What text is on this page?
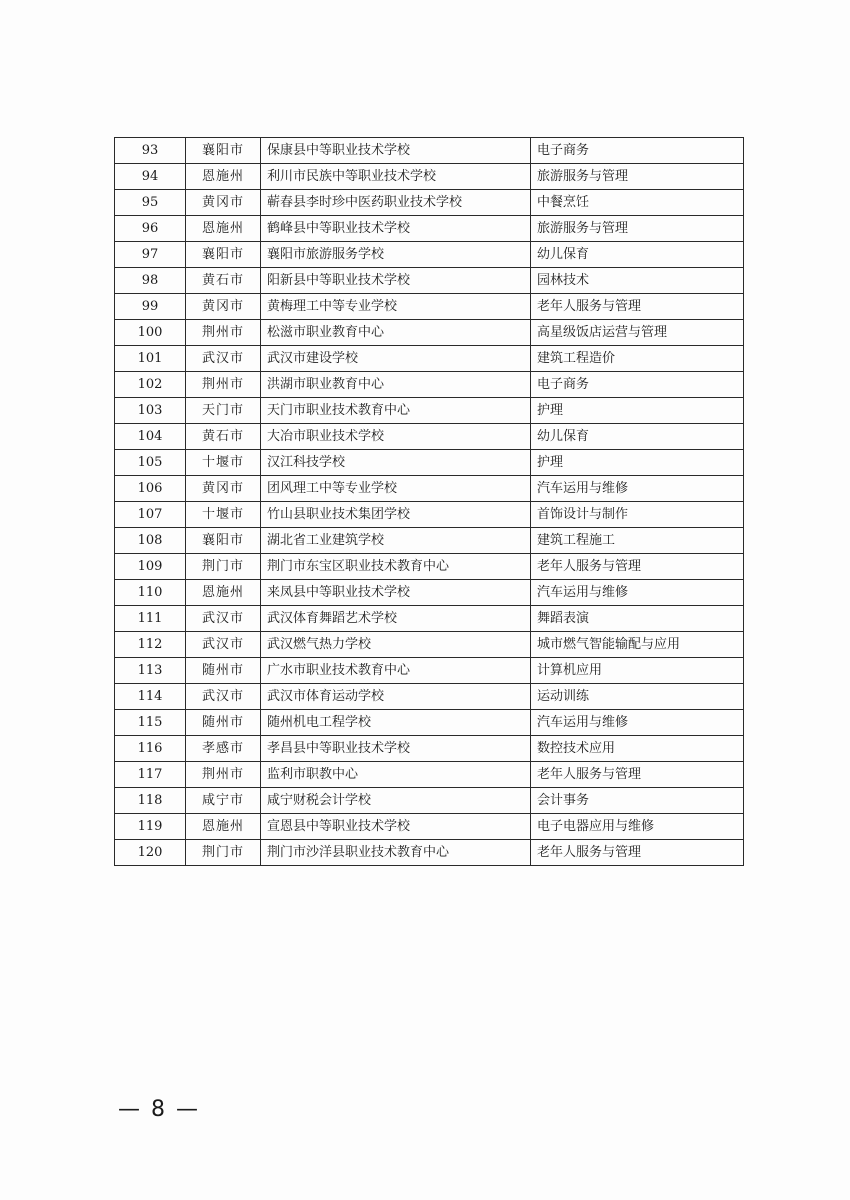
93	襄阳市	保康县中等职业技术学校	电子商务
94	恩施州	利川市民族中等职业技术学校	旅游服务与管理
95	黄冈市	蕲春县李时珍中医药职业技术学校	中餐烹饪
96	恩施州	鹤峰县中等职业技术学校	旅游服务与管理
97	襄阳市	襄阳市旅游服务学校	幼儿保育
98	黄石市	阳新县中等职业技术学校	园林技术
99	黄冈市	黄梅理工中等专业学校	老年人服务与管理
100	荆州市	松滋市职业教育中心	高星级饭店运营与管理
101	武汉市	武汉市建设学校	建筑工程造价
102	荆州市	洪湖市职业教育中心	电子商务
103	天门市	天门市职业技术教育中心	护理
104	黄石市	大冶市职业技术学校	幼儿保育
105	十堰市	汉江科技学校	护理
106	黄冈市	团风理工中等专业学校	汽车运用与维修
107	十堰市	竹山县职业技术集团学校	首饰设计与制作
108	襄阳市	湖北省工业建筑学校	建筑工程施工
109	荆门市	荆门市东宝区职业技术教育中心	老年人服务与管理
110	恩施州	来凤县中等职业技术学校	汽车运用与维修
111	武汉市	武汉体育舞蹈艺术学校	舞蹈表演
112	武汉市	武汉燃气热力学校	城市燃气智能输配与应用
113	随州市	广水市职业技术教育中心	计算机应用
114	武汉市	武汉市体育运动学校	运动训练
115	随州市	随州机电工程学校	汽车运用与维修
116	孝感市	孝昌县中等职业技术学校	数控技术应用
117	荆州市	监利市职教中心	老年人服务与管理
118	咸宁市	咸宁财税会计学校	会计事务
119	恩施州	宣恩县中等职业技术学校	电子电器应用与维修
120	荆门市	荆门市沙洋县职业技术教育中心	老年人服务与管理
— 8 —
